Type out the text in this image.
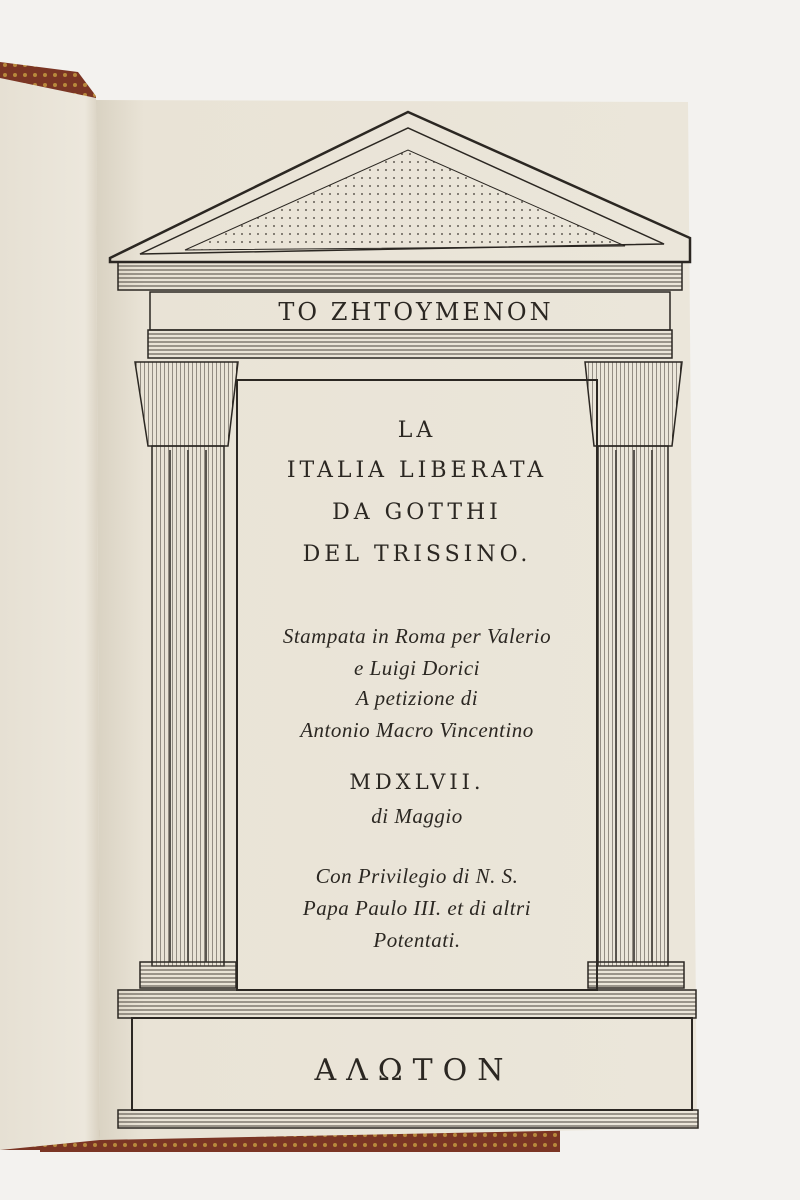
ΤΟ ΖΗΤΟΥΜΕΝΟΝ
ΑΛΩΤΟΝ
LA
ITALIA LIBERATA
DA GOTTHI
DEL TRISSINO.
Stampata in Roma per Valerio
e Luigi Dorici
A petizione di
Antonio Macro Vincentino
MDXLVII.
di Maggio
Con Privilegio di N. S.
Papa Paulo III. et di altri
Potentati.
